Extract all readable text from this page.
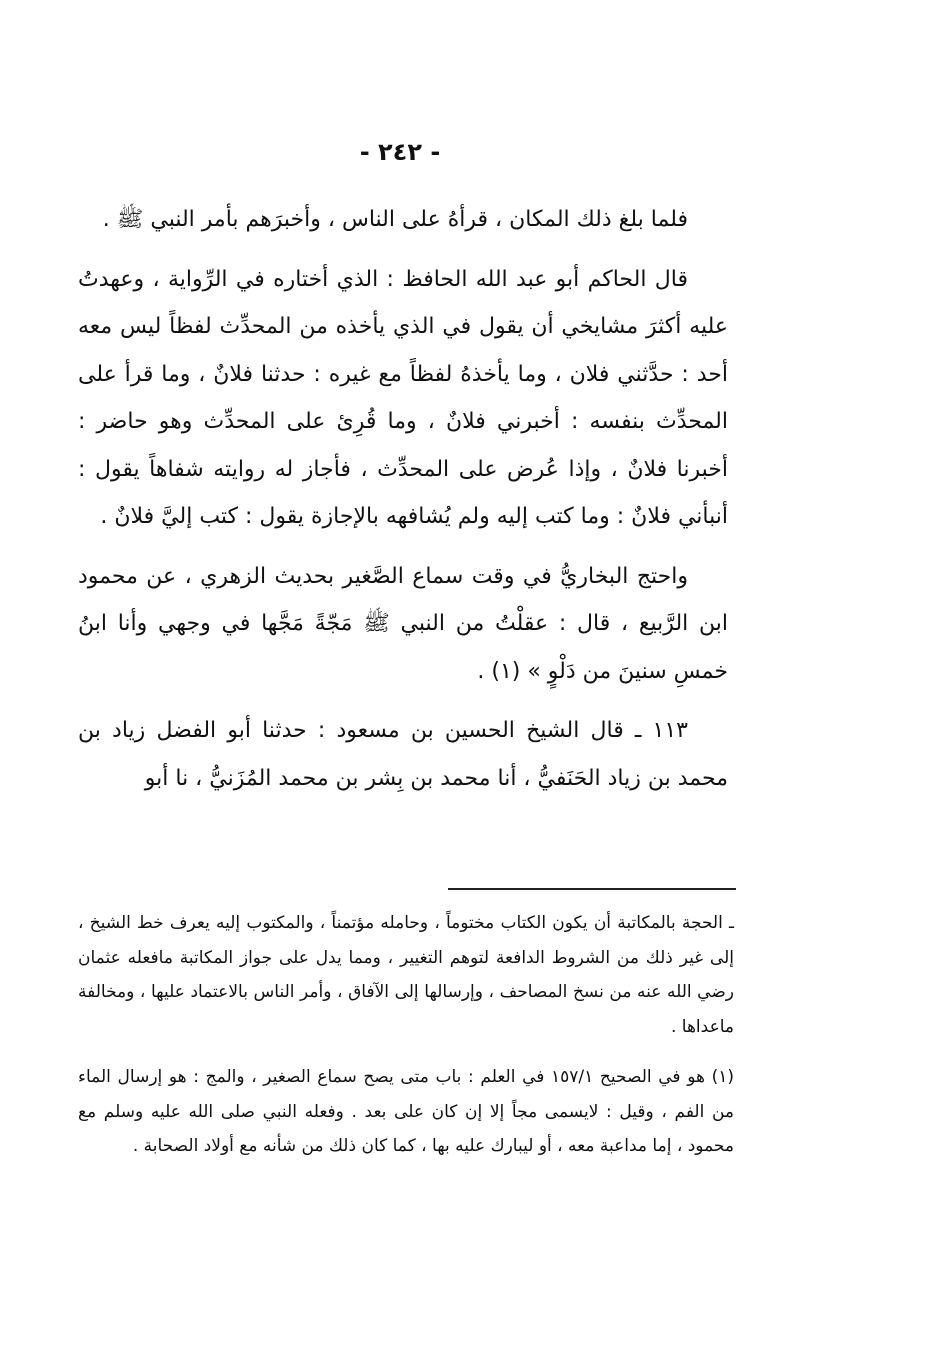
- ٢٤٢ -

فلما بلغ ذلك المكان ، قرأهُ على الناس ، وأخبرَهم بأمر النبي ﷺ .

قال الحاكم أبو عبد الله الحافظ : الذي أختاره في الرِّواية ، وعهدتُ عليه أكثرَ مشايخي أن يقول في الذي يأخذه من المحدِّث لفظاً ليس معه أحد : حدَّثني فلان ، وما يأخذهُ لفظاً مع غيره : حدثنا فلانٌ ، وما قرأ على المحدِّث بنفسه : أخبرني فلانٌ ، وما قُرِئ على المحدِّث وهو حاضر : أخبرنا فلانٌ ، وإذا عُرض على المحدِّث ، فأجاز له روايته شفاهاً يقول : أنبأني فلانٌ : وما كتب إليه ولم يُشافهه بالإجازة يقول : كتب إليَّ فلانٌ .

واحتج البخاريُّ في وقت سماع الصَّغير بحديث الزهري ، عن محمود ابن الرَّبيع ، قال : عقلْتُ من النبي ﷺ مَجّةً مَجَّها في وجهي وأنا ابنُ خمسِ سنينَ من دَلْوٍ » (١) .

١١٣ ـ قال الشيخ الحسين بن مسعود : حدثنا أبو الفضل زياد بن محمد بن زياد الحَنَفيُّ ، أنا محمد بن بِشر بن محمد المُزَنيُّ ، نا أبو

ـ الحجة بالمكاتبة أن يكون الكتاب مختوماً ، وحامله مؤتمناً ، والمكتوب إليه يعرف خط الشيخ ، إلى غير ذلك من الشروط الدافعة لتوهم التغيير ، ومما يدل على جواز المكاتبة مافعله عثمان رضي الله عنه من نسخ المصاحف ، وإرسالها إلى الآفاق ، وأمر الناس بالاعتماد عليها ، ومخالفة ماعداها .

(١) هو في الصحيح ١٥٧/١ في العلم : باب متى يصح سماع الصغير ، والمج : هو إرسال الماء من الفم ، وقيل : لايسمى مجاً إلا إن كان على بعد . وفعله النبي صلى الله عليه وسلم مع محمود ، إما مداعبة معه ، أو ليبارك عليه بها ، كما كان ذلك من شأنه مع أولاد الصحابة .
